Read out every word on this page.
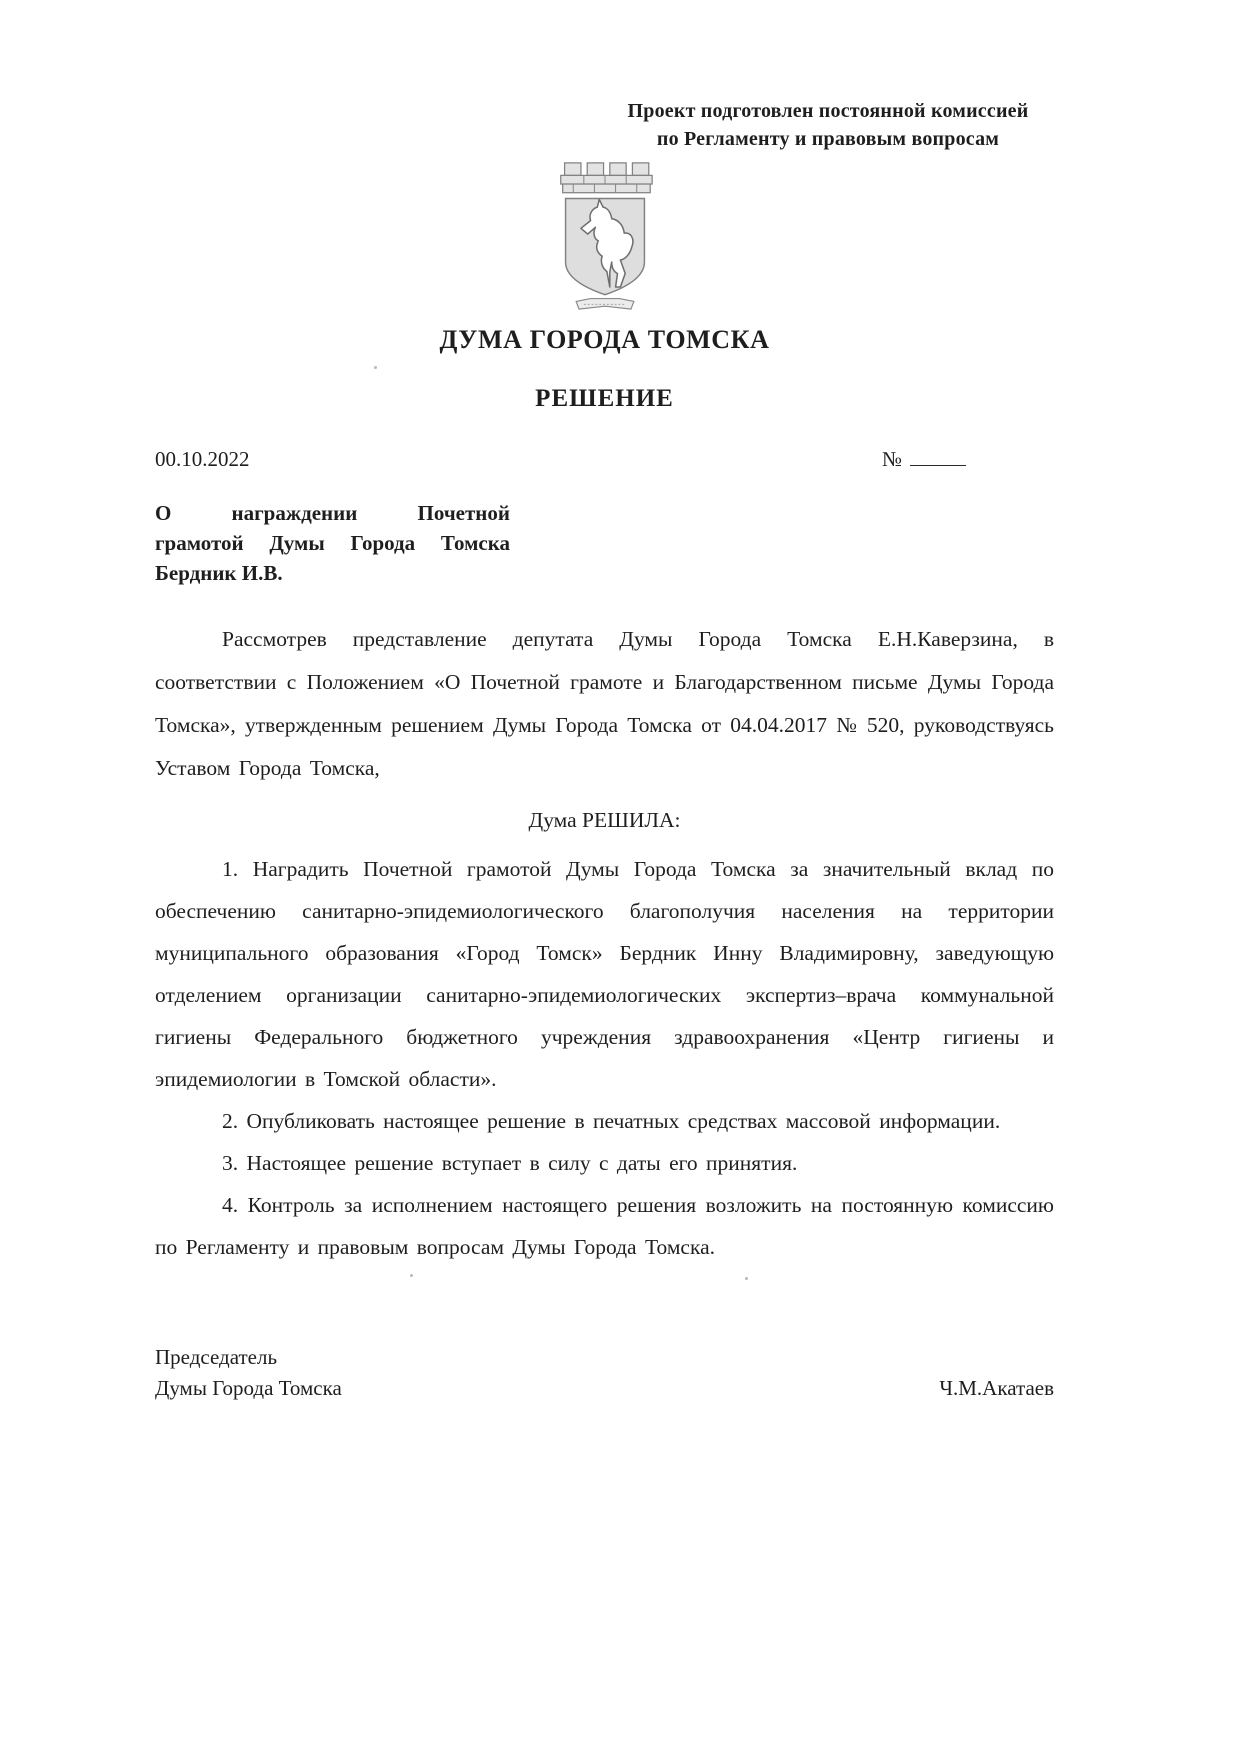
Проект подготовлен постоянной комиссией
по Регламенту и правовым вопросам
ДУМА ГОРОДА ТОМСКА
РЕШЕНИЕ
00.10.2022	№
О награждении Почетной
грамотой Думы Города Томска
Бердник И.В.

Рассмотрев представление депутата Думы Города Томска Е.Н.Каверзина, в соответствии с Положением «О Почетной грамоте и Благодарственном письме Думы Города Томска», утвержденным решением Думы Города Томска от 04.04.2017 № 520, руководствуясь Уставом Города Томска,

Дума РЕШИЛА:

1. Наградить Почетной грамотой Думы Города Томска за значительный вклад по обеспечению санитарно-эпидемиологического благополучия населения на территории муниципального образования «Город Томск» Бердник Инну Владимировну, заведующую отделением организации санитарно-эпидемиологических экспертиз–врача коммунальной гигиены Федерального бюджетного учреждения здравоохранения «Центр гигиены и эпидемиологии в Томской области».

2. Опубликовать настоящее решение в печатных средствах массовой информации.

3. Настоящее решение вступает в силу с даты его принятия.

4. Контроль за исполнением настоящего решения возложить на постоянную комиссию по Регламенту и правовым вопросам Думы Города Томска.

Председатель
Думы Города Томска	Ч.М.Акатаев
